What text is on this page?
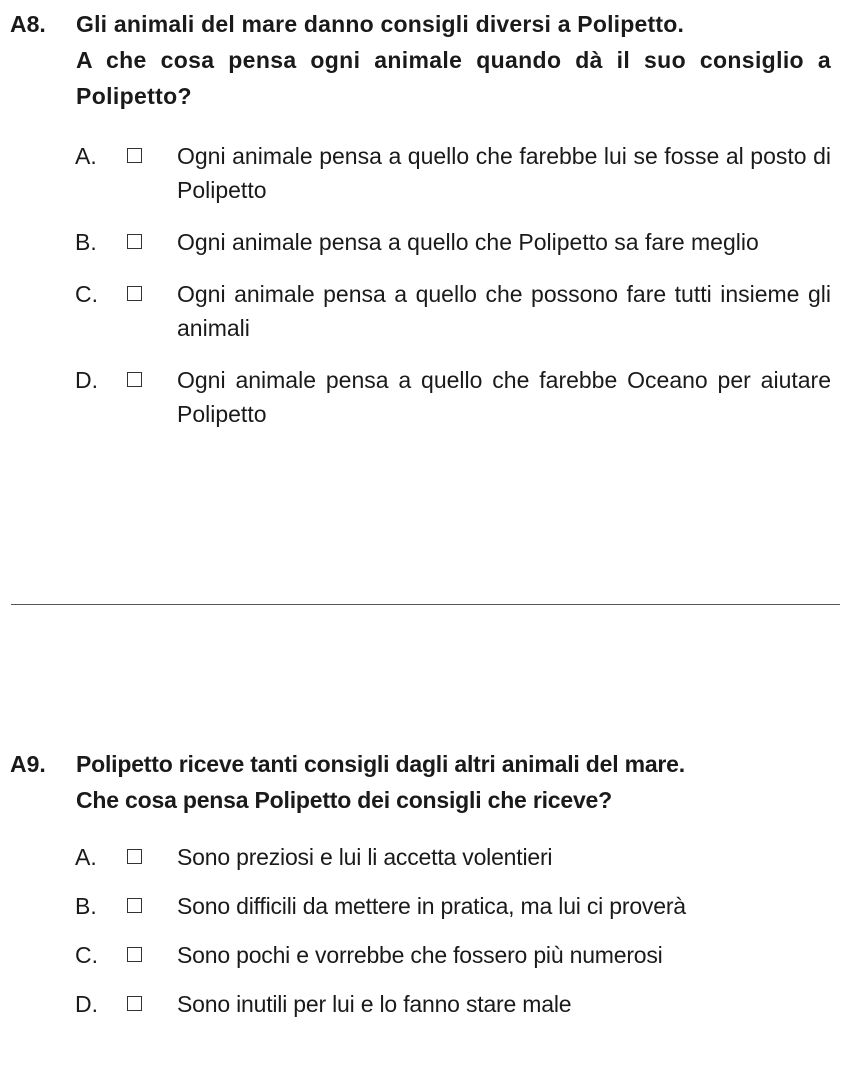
A8. Gli animali del mare danno consigli diversi a Polipetto.
A che cosa pensa ogni animale quando dà il suo consiglio a Polipetto?
A.	Ogni animale pensa a quello che farebbe lui se fosse al posto di Polipetto
B.	Ogni animale pensa a quello che Polipetto sa fare meglio
C.	Ogni animale pensa a quello che possono fare tutti insieme gli animali
D.	Ogni animale pensa a quello che farebbe Oceano per aiutare Polipetto
A9. Polipetto riceve tanti consigli dagli altri animali del mare.
Che cosa pensa Polipetto dei consigli che riceve?
A.	Sono preziosi e lui li accetta volentieri
B.	Sono difficili da mettere in pratica, ma lui ci proverà
C.	Sono pochi e vorrebbe che fossero più numerosi
D.	Sono inutili per lui e lo fanno stare male
